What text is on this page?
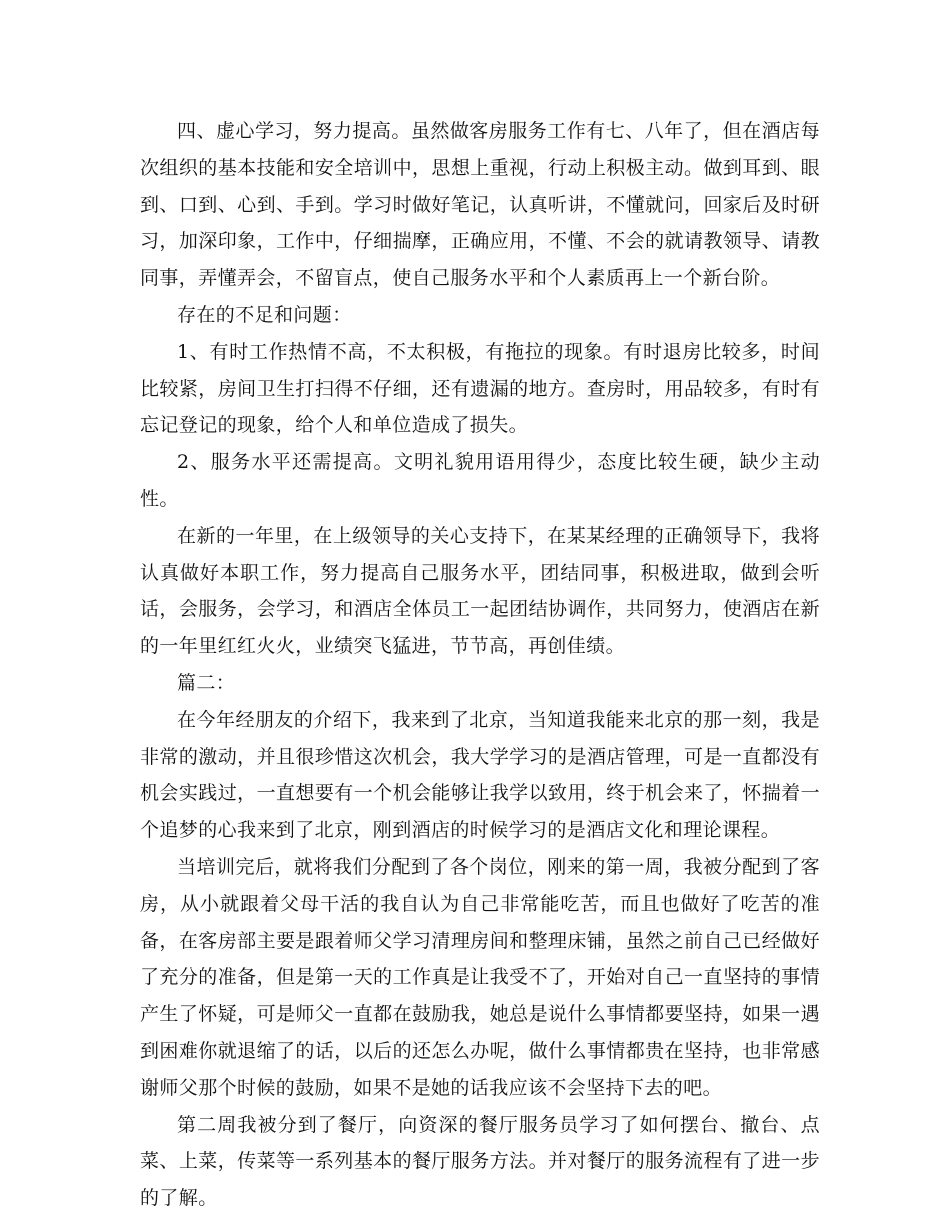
四、虚心学习，努力提高。虽然做客房服务工作有七、八年了，但在酒店每次组织的基本技能和安全培训中，思想上重视，行动上积极主动。做到耳到、眼到、口到、心到、手到。学习时做好笔记，认真听讲，不懂就问，回家后及时研习，加深印象，工作中，仔细揣摩，正确应用，不懂、不会的就请教领导、请教同事，弄懂弄会，不留盲点，使自己服务水平和个人素质再上一个新台阶。

存在的不足和问题：

1、有时工作热情不高，不太积极，有拖拉的现象。有时退房比较多，时间比较紧，房间卫生打扫得不仔细，还有遗漏的地方。查房时，用品较多，有时有忘记登记的现象，给个人和单位造成了损失。

2、服务水平还需提高。文明礼貌用语用得少，态度比较生硬，缺少主动性。

在新的一年里，在上级领导的关心支持下，在某某经理的正确领导下，我将认真做好本职工作，努力提高自己服务水平，团结同事，积极进取，做到会听话，会服务，会学习，和酒店全体员工一起团结协调作，共同努力，使酒店在新的一年里红红火火，业绩突飞猛进，节节高，再创佳绩。

篇二：

在今年经朋友的介绍下，我来到了北京，当知道我能来北京的那一刻，我是非常的激动，并且很珍惜这次机会，我大学学习的是酒店管理，可是一直都没有机会实践过，一直想要有一个机会能够让我学以致用，终于机会来了，怀揣着一个追梦的心我来到了北京，刚到酒店的时候学习的是酒店文化和理论课程。

当培训完后，就将我们分配到了各个岗位，刚来的第一周，我被分配到了客房，从小就跟着父母干活的我自认为自己非常能吃苦，而且也做好了吃苦的准备，在客房部主要是跟着师父学习清理房间和整理床铺，虽然之前自己已经做好了充分的准备，但是第一天的工作真是让我受不了，开始对自己一直坚持的事情产生了怀疑，可是师父一直都在鼓励我，她总是说什么事情都要坚持，如果一遇到困难你就退缩了的话，以后的还怎么办呢，做什么事情都贵在坚持，也非常感谢师父那个时候的鼓励，如果不是她的话我应该不会坚持下去的吧。

第二周我被分到了餐厅，向资深的餐厅服务员学习了如何摆台、撤台、点菜、上菜，传菜等一系列基本的餐厅服务方法。并对餐厅的服务流程有了进一步的了解。
